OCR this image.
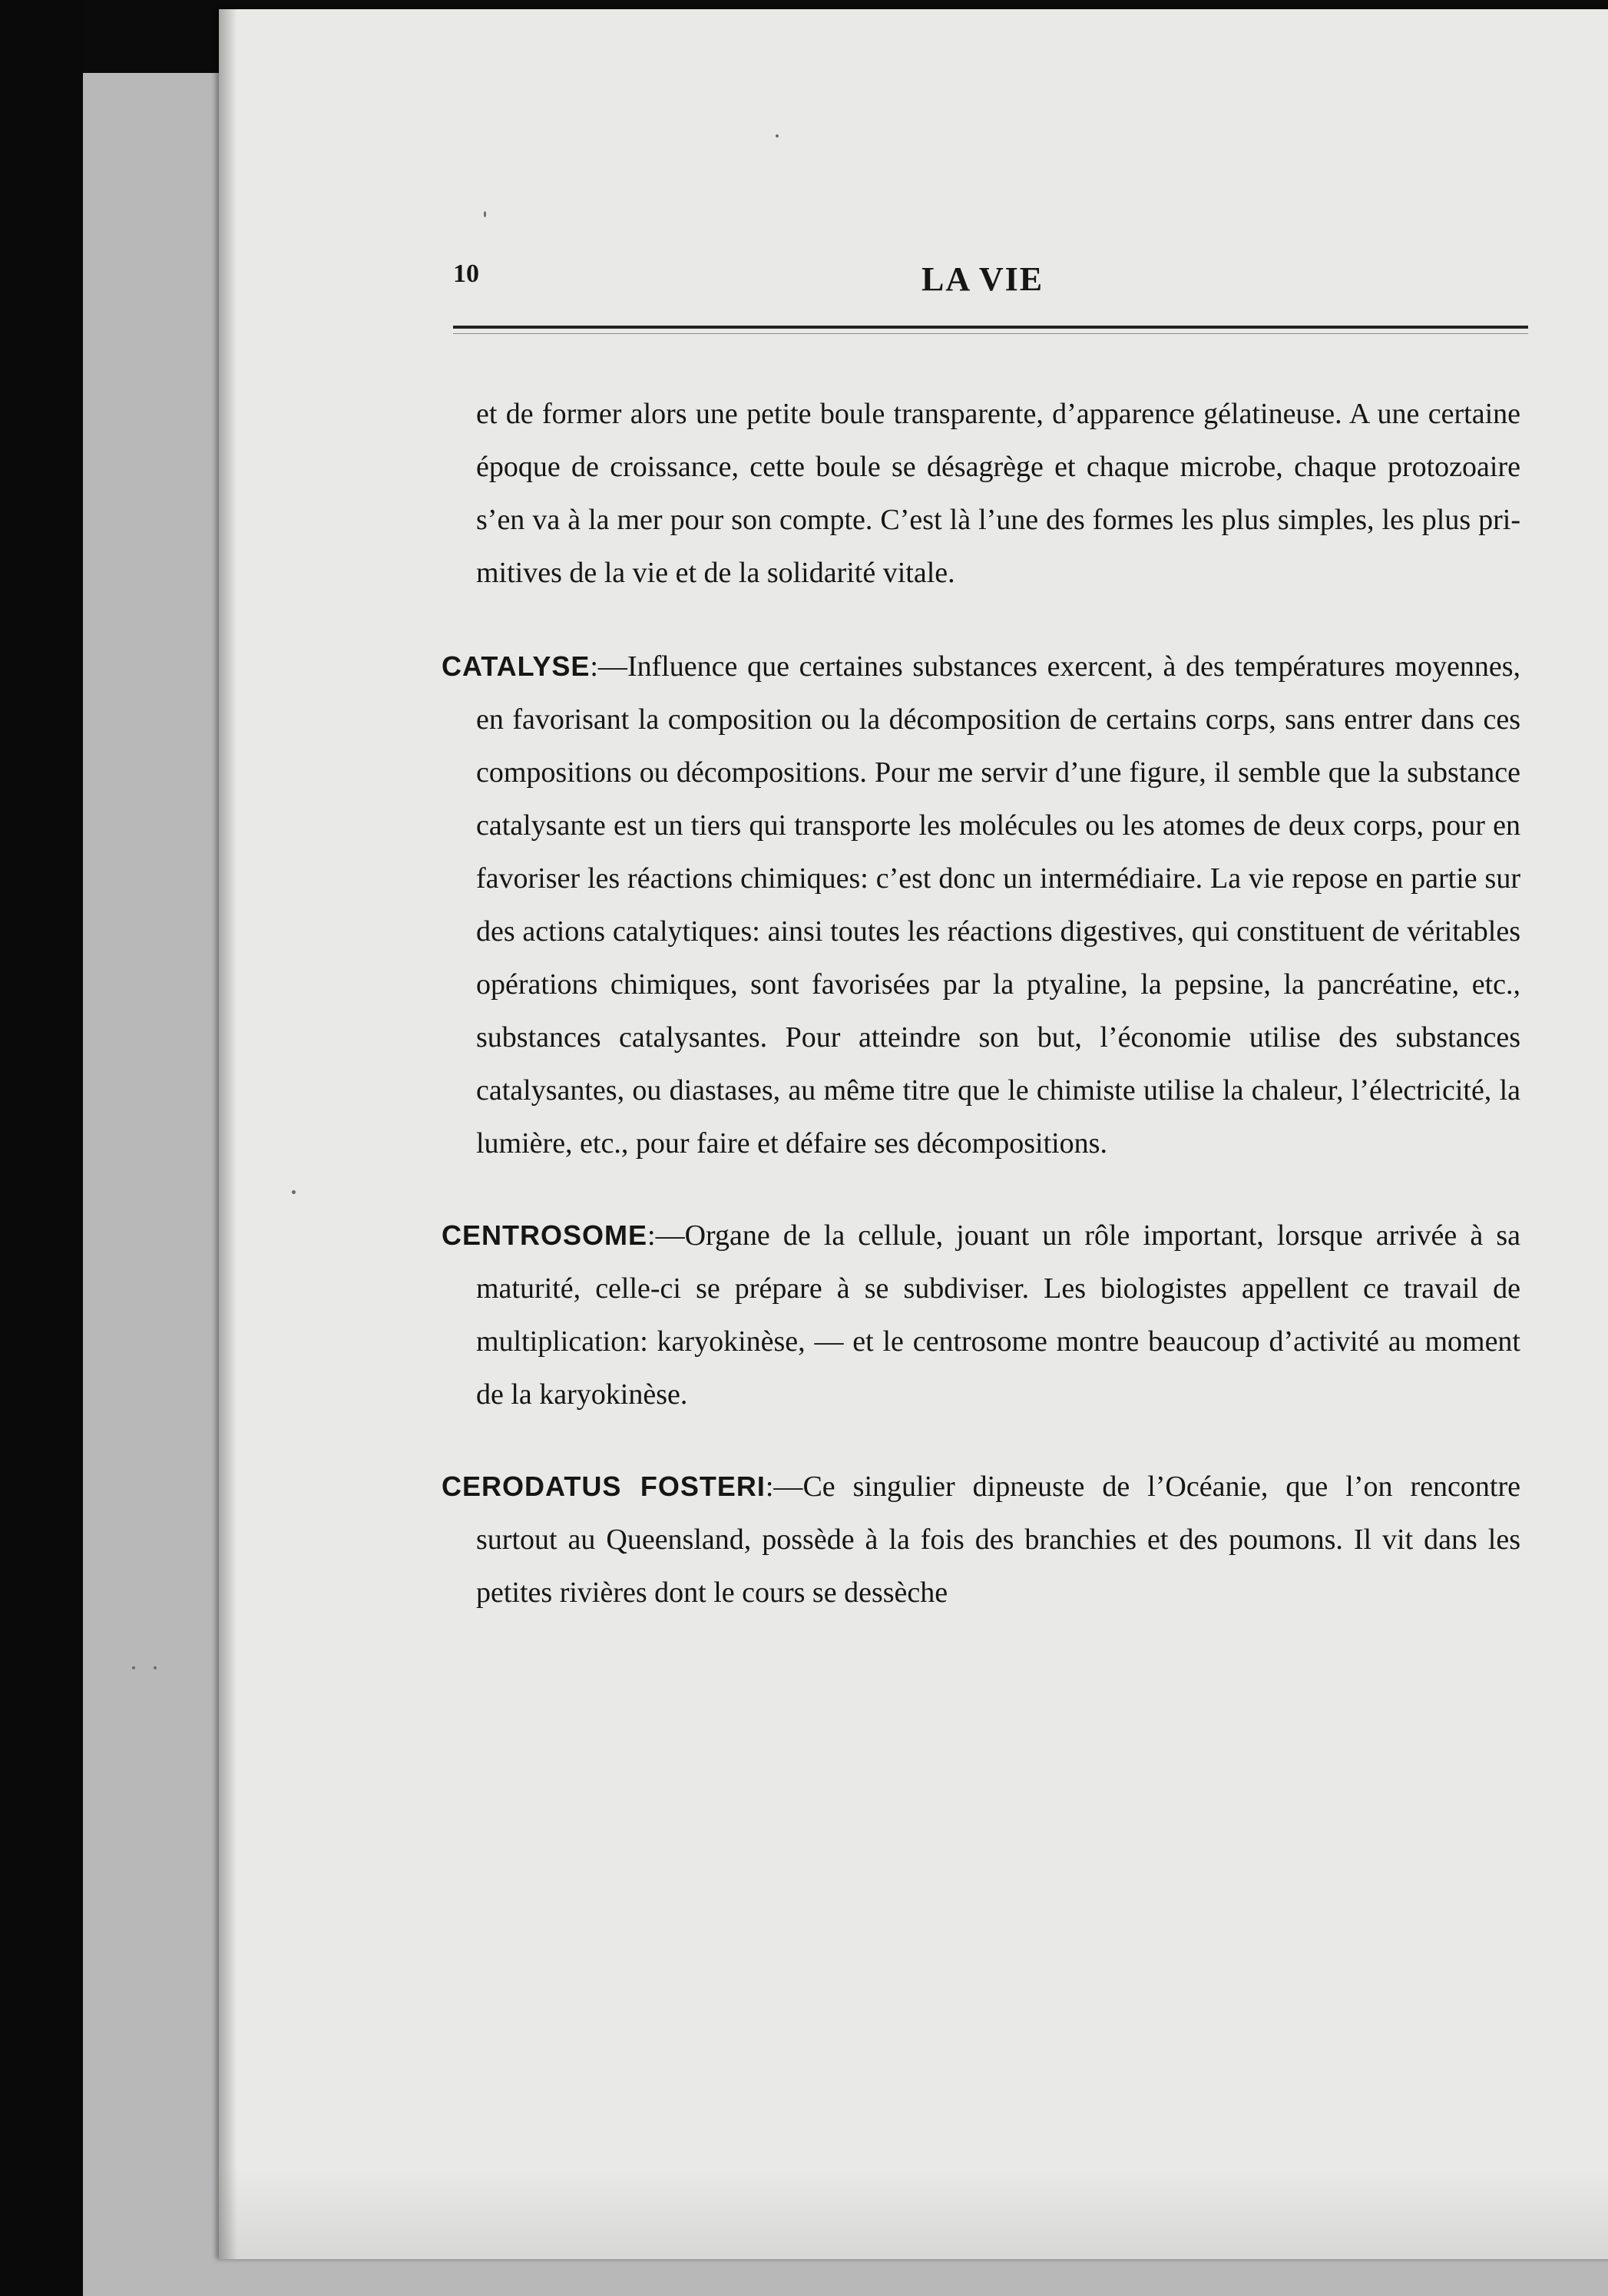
10	LA VIE

et de former alors une petite boule transparente, d’apparence gélatineuse. A une certaine époque de croissance, cette boule se désagrège et chaque microbe, chaque protozoaire s’en va à la mer pour son compte. C’est là l’une des formes les plus simples, les plus primitives de la vie et de la solidarité vitale.

CATALYSE:—Influence que certaines substances exercent, à des températures moyennes, en favorisant la composition ou la décomposition de certains corps, sans entrer dans ces compositions ou décompositions. Pour me servir d’une figure, il semble que la substance catalysante est un tiers qui transporte les molécules ou les atomes de deux corps, pour en favoriser les réactions chimiques: c’est donc un intermédiaire. La vie repose en partie sur des actions catalytiques: ainsi toutes les réactions digestives, qui constituent de véritables opérations chimiques, sont favorisées par la ptyaline, la pepsine, la pancréatine, etc., substances catalysantes. Pour atteindre son but, l’économie utilise des substances catalysantes, ou diastases, au même titre que le chimiste utilise la chaleur, l’électricité, la lumière, etc., pour faire et défaire ses décompositions.

CENTROSOME:—Organe de la cellule, jouant un rôle important, lorsque arrivée à sa maturité, celle-ci se prépare à se subdiviser. Les biologistes appellent ce travail de multiplication: karyokinèse, — et le centrosome montre beaucoup d’activité au moment de la karyokinèse.

CERODATUS FOSTERI:—Ce singulier dipneuste de l’Océanie, que l’on rencontre surtout au Queensland, possède à la fois des branchies et des poumons. Il vit dans les petites rivières dont le cours se dessèche
